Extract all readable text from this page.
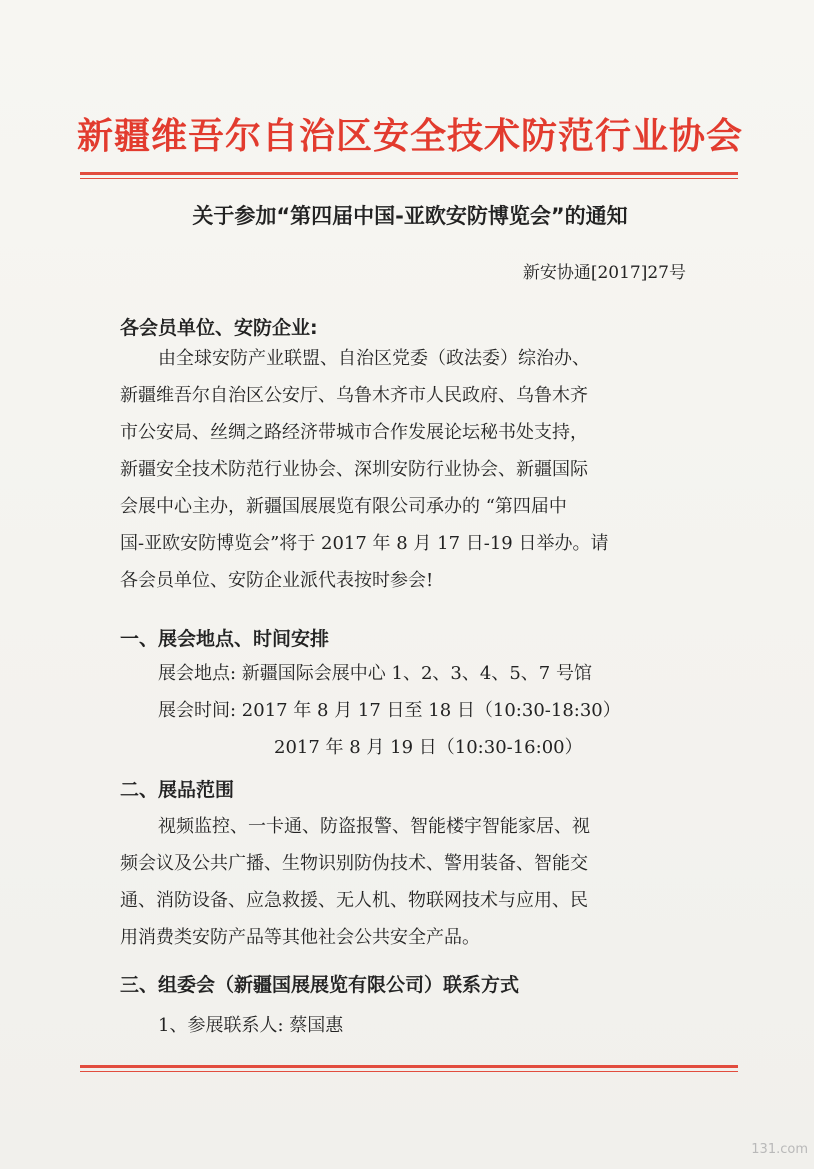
新疆维吾尔自治区安全技术防范行业协会
关于参加“第四届中国-亚欧安防博览会”的通知
新安协通[2017]27号
各会员单位、安防企业:
由全球安防产业联盟、自治区党委（政法委）综治办、
新疆维吾尔自治区公安厅、乌鲁木齐市人民政府、乌鲁木齐
市公安局、丝绸之路经济带城市合作发展论坛秘书处支持，
新疆安全技术防范行业协会、深圳安防行业协会、新疆国际
会展中心主办，新疆国展展览有限公司承办的 “第四届中
国-亚欧安防博览会”将于 2017 年 8 月 17 日-19 日举办。请
各会员单位、安防企业派代表按时参会!
一、展会地点、时间安排
展会地点: 新疆国际会展中心 1、2、3、4、5、7 号馆
展会时间: 2017 年 8 月 17 日至 18 日（10:30-18:30）
2017 年 8 月 19 日（10:30-16:00）
二、展品范围
视频监控、一卡通、防盗报警、智能楼宇智能家居、视
频会议及公共广播、生物识别防伪技术、警用装备、智能交
通、消防设备、应急救援、无人机、物联网技术与应用、民
用消费类安防产品等其他社会公共安全产品。
三、组委会（新疆国展展览有限公司）联系方式
1、参展联系人: 蔡国惠
131.com
